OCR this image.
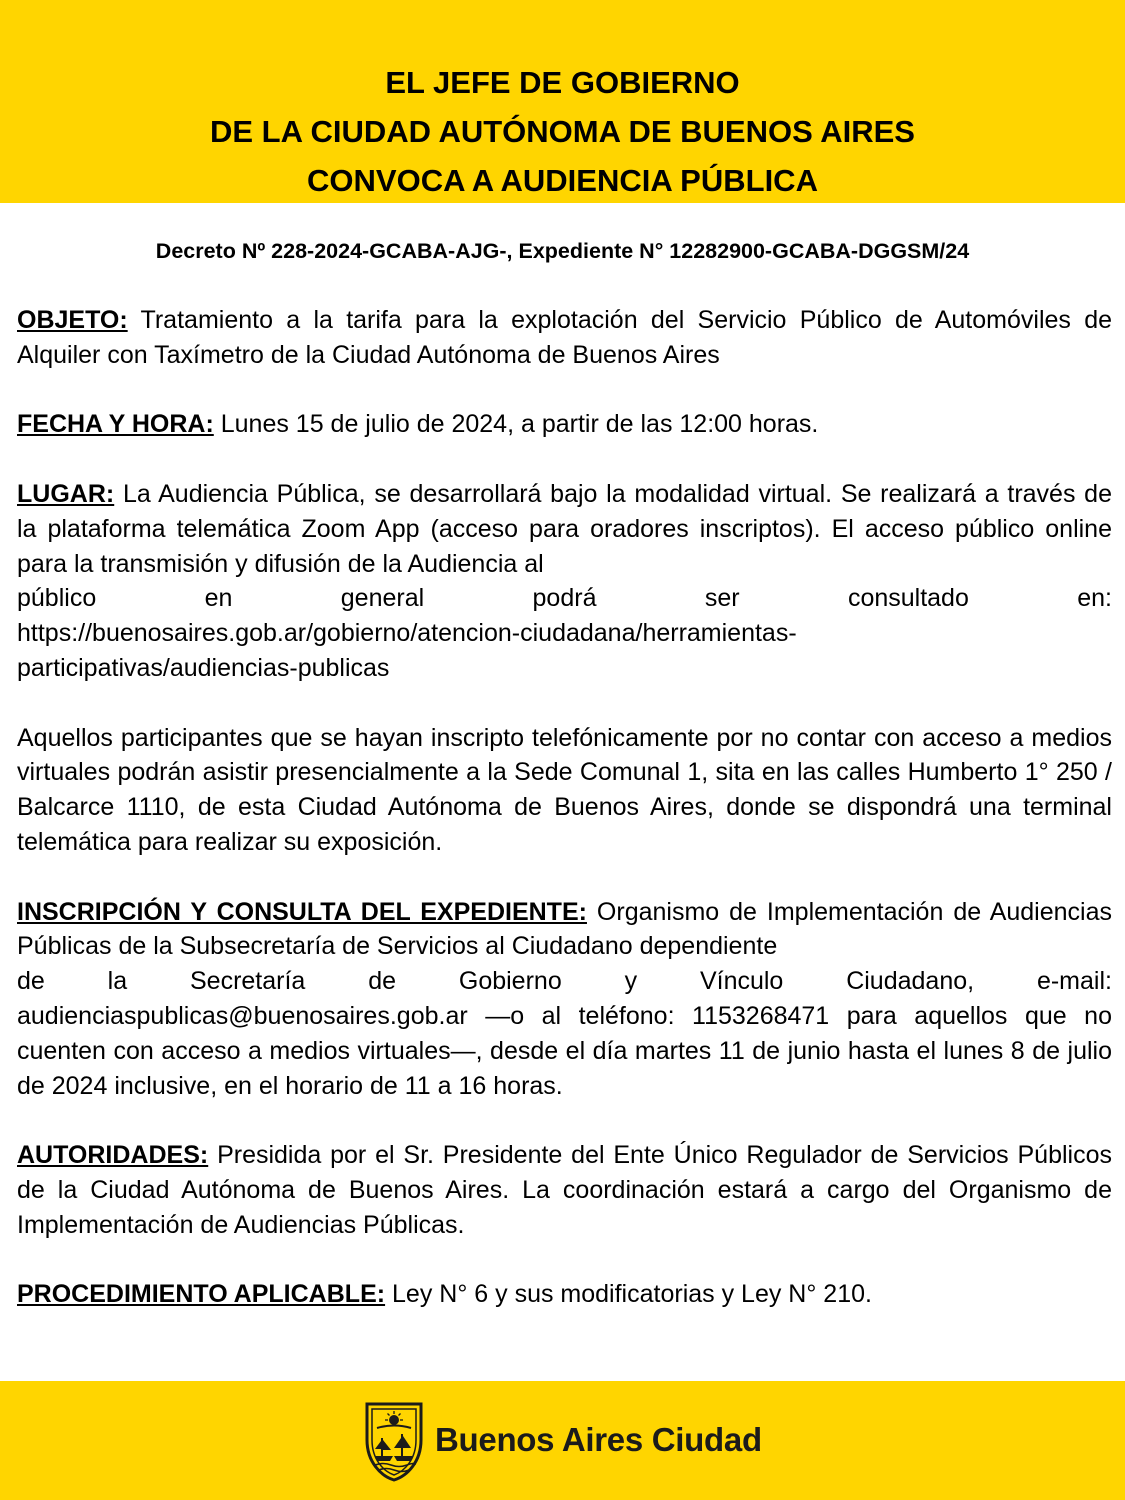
EL JEFE DE GOBIERNO
DE LA CIUDAD AUTÓNOMA DE BUENOS AIRES
CONVOCA A AUDIENCIA PÚBLICA
Decreto Nº 228-2024-GCABA-AJG-, Expediente N° 12282900-GCABA-DGGSM/24
OBJETO: Tratamiento a la tarifa para la explotación del Servicio Público de Automóviles de Alquiler con Taxímetro de la Ciudad Autónoma de Buenos Aires
FECHA Y HORA: Lunes 15 de julio de 2024, a partir de las 12:00 horas.
LUGAR: La Audiencia Pública, se desarrollará bajo la modalidad virtual. Se realizará a través de la plataforma telemática Zoom App (acceso para oradores inscriptos). El acceso público online para la transmisión y difusión de la Audiencia al
público	en	general	podrá	ser	consultado	en:
https://buenosaires.gob.ar/gobierno/atencion-ciudadana/herramientas-
participativas/audiencias-publicas
Aquellos participantes que se hayan inscripto telefónicamente por no contar con acceso a medios virtuales podrán asistir presencialmente a la Sede Comunal 1, sita en las calles Humberto 1° 250 / Balcarce 1110, de esta Ciudad Autónoma de Buenos Aires, donde se dispondrá una terminal telemática para realizar su exposición.
INSCRIPCIÓN Y CONSULTA DEL EXPEDIENTE: Organismo de Implementación de Audiencias Públicas de la Subsecretaría de Servicios al Ciudadano dependiente
de	la	Secretaría	de	Gobierno	y	Vínculo	Ciudadano,	e-mail:
audienciaspublicas@buenosaires.gob.ar —o al teléfono: 1153268471 para aquellos que no cuenten con acceso a medios virtuales—, desde el día martes 11 de junio hasta el lunes 8 de julio de 2024 inclusive, en el horario de 11 a 16 horas.
AUTORIDADES: Presidida por el Sr. Presidente del Ente Único Regulador de Servicios Públicos de la Ciudad Autónoma de Buenos Aires. La coordinación estará a cargo del Organismo de Implementación de Audiencias Públicas.
PROCEDIMIENTO APLICABLE: Ley N° 6 y sus modificatorias y Ley N° 210.
Buenos Aires Ciudad
